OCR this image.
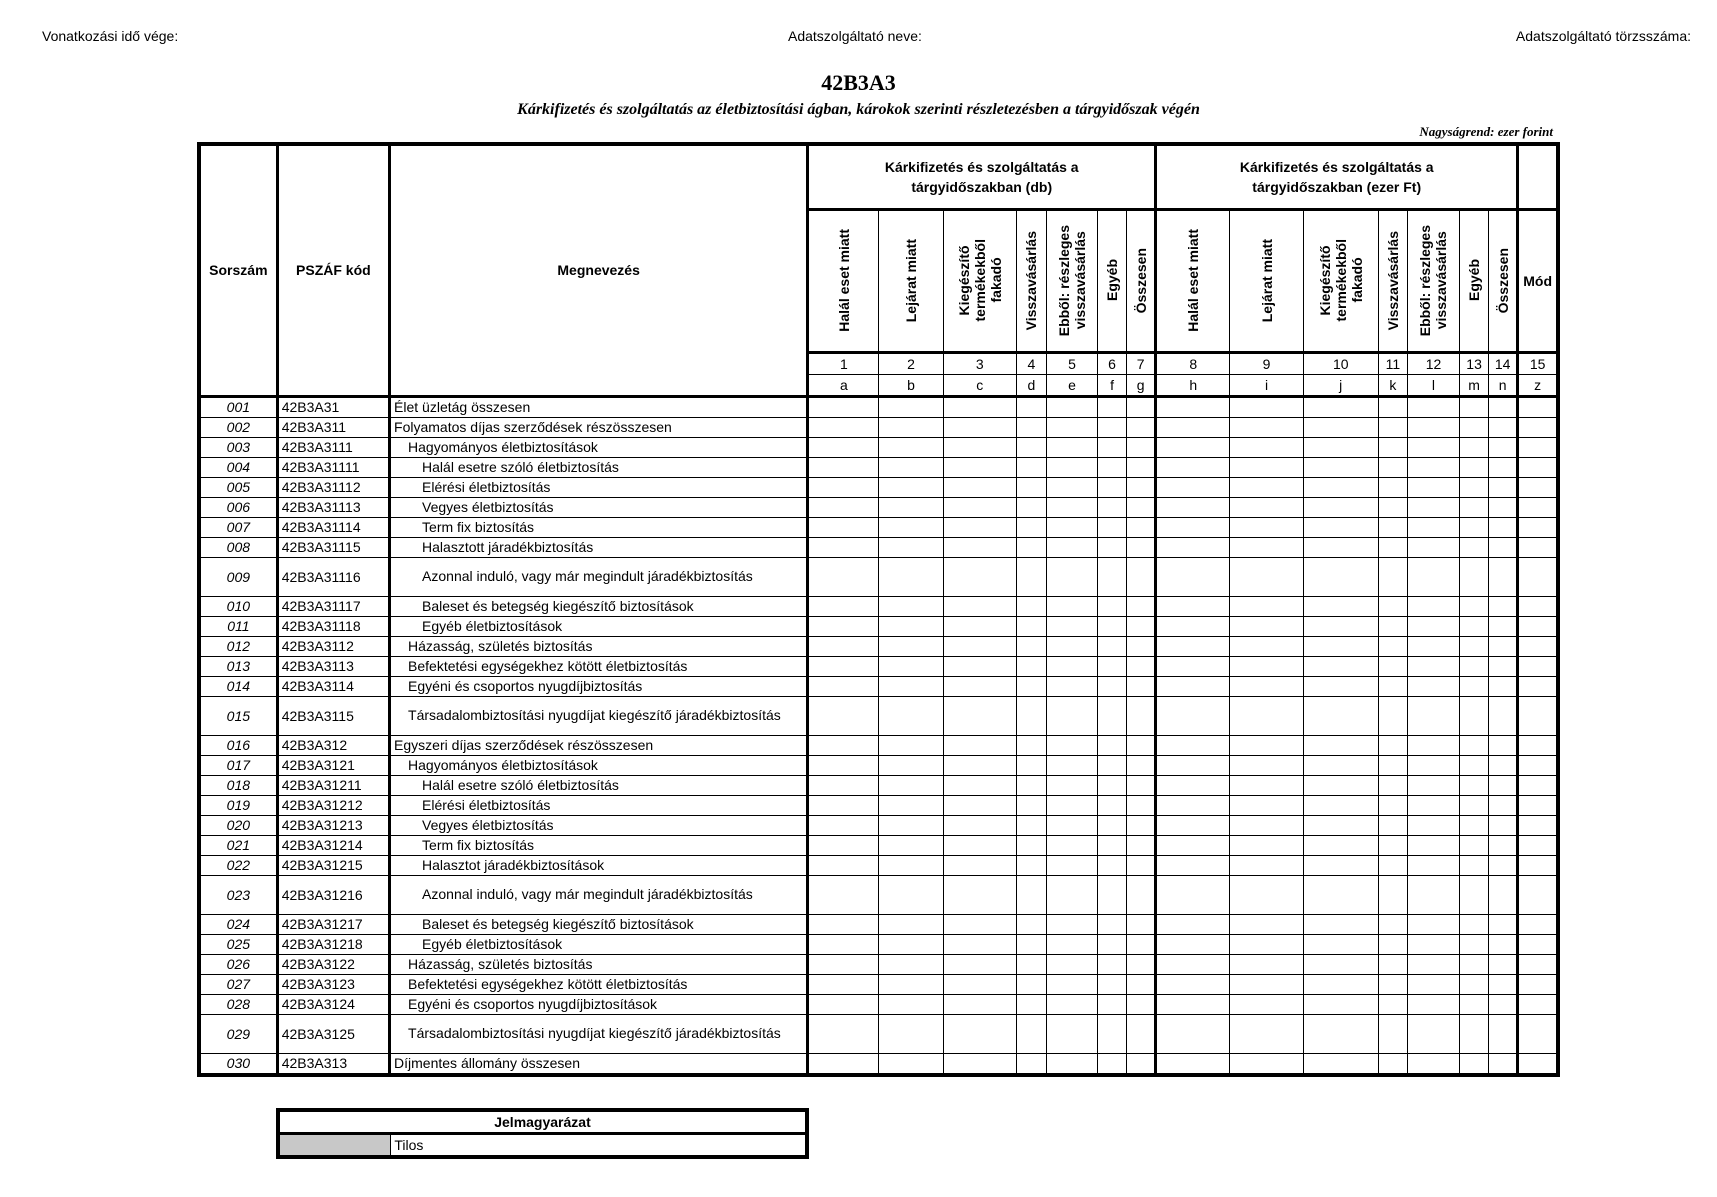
Vonatkozási idő vége:	Adatszolgáltató neve:	Adatszolgáltató törzsszáma:
42B3A3
Kárkifizetés és szolgáltatás az életbiztosítási ágban, károkok szerinti részletezésben a tárgyidőszak végén
Nagyságrend: ezer forint
Sorszám	PSZÁF kód	Megnevezés	Kárkifizetés és szolgáltatás a tárgyidőszakban (db)							Kárkifizetés és szolgáltatás a tárgyidőszakban (ezer Ft)							

			Halál eset miatt	Lejárat miatt	Kiegészítő
termékekből
fakadó	Visszavásárlás	Ebből: részleges
visszavásárlás	Egyéb	Összesen	Halál eset miatt	Lejárat miatt	Kiegészítő
termékekből
fakadó	Visszavásárlás	Ebből: részleges
visszavásárlás	Egyéb	Összesen	Mód
			1	2	3	4	5	6	7	8	9	10	11	12	13	14	15
			a	b	c	d	e	f	g	h	i	j	k	l	m	n	z
001	42B3A31	Élet üzletág összesen															
002	42B3A311	Folyamatos díjas szerződések részösszesen															
003	42B3A3111	Hagyományos életbiztosítások															
004	42B3A31111	Halál esetre szóló életbiztosítás															
005	42B3A31112	Elérési életbiztosítás															
006	42B3A31113	Vegyes életbiztosítás															
007	42B3A31114	Term fix biztosítás															
008	42B3A31115	Halasztott járadékbiztosítás															
009	42B3A31116	Azonnal induló, vagy már megindult járadékbiztosítás															
010	42B3A31117	Baleset és betegség kiegészítő biztosítások															
011	42B3A31118	Egyéb életbiztosítások															
012	42B3A3112	Házasság, születés biztosítás															
013	42B3A3113	Befektetési egységekhez kötött életbiztosítás															
014	42B3A3114	Egyéni és csoportos nyugdíjbiztosítás															
015	42B3A3115	Társadalombiztosítási nyugdíjat kiegészítő járadékbiztosítás															
016	42B3A312	Egyszeri díjas szerződések részösszesen															
017	42B3A3121	Hagyományos életbiztosítások															
018	42B3A31211	Halál esetre szóló életbiztosítás															
019	42B3A31212	Elérési életbiztosítás															
020	42B3A31213	Vegyes életbiztosítás															
021	42B3A31214	Term fix biztosítás															
022	42B3A31215	Halasztot járadékbiztosítások															
023	42B3A31216	Azonnal induló, vagy már megindult járadékbiztosítás															
024	42B3A31217	Baleset és betegség kiegészítő biztosítások															
025	42B3A31218	Egyéb életbiztosítások															
026	42B3A3122	Házasság, születés biztosítás															
027	42B3A3123	Befektetési egységekhez kötött életbiztosítás															
028	42B3A3124	Egyéni és csoportos nyugdíjbiztosítások															
029	42B3A3125	Társadalombiztosítási nyugdíjat kiegészítő járadékbiztosítás															
030	42B3A313	Díjmentes állomány összesen															
Jelmagyarázat
	Tilos
